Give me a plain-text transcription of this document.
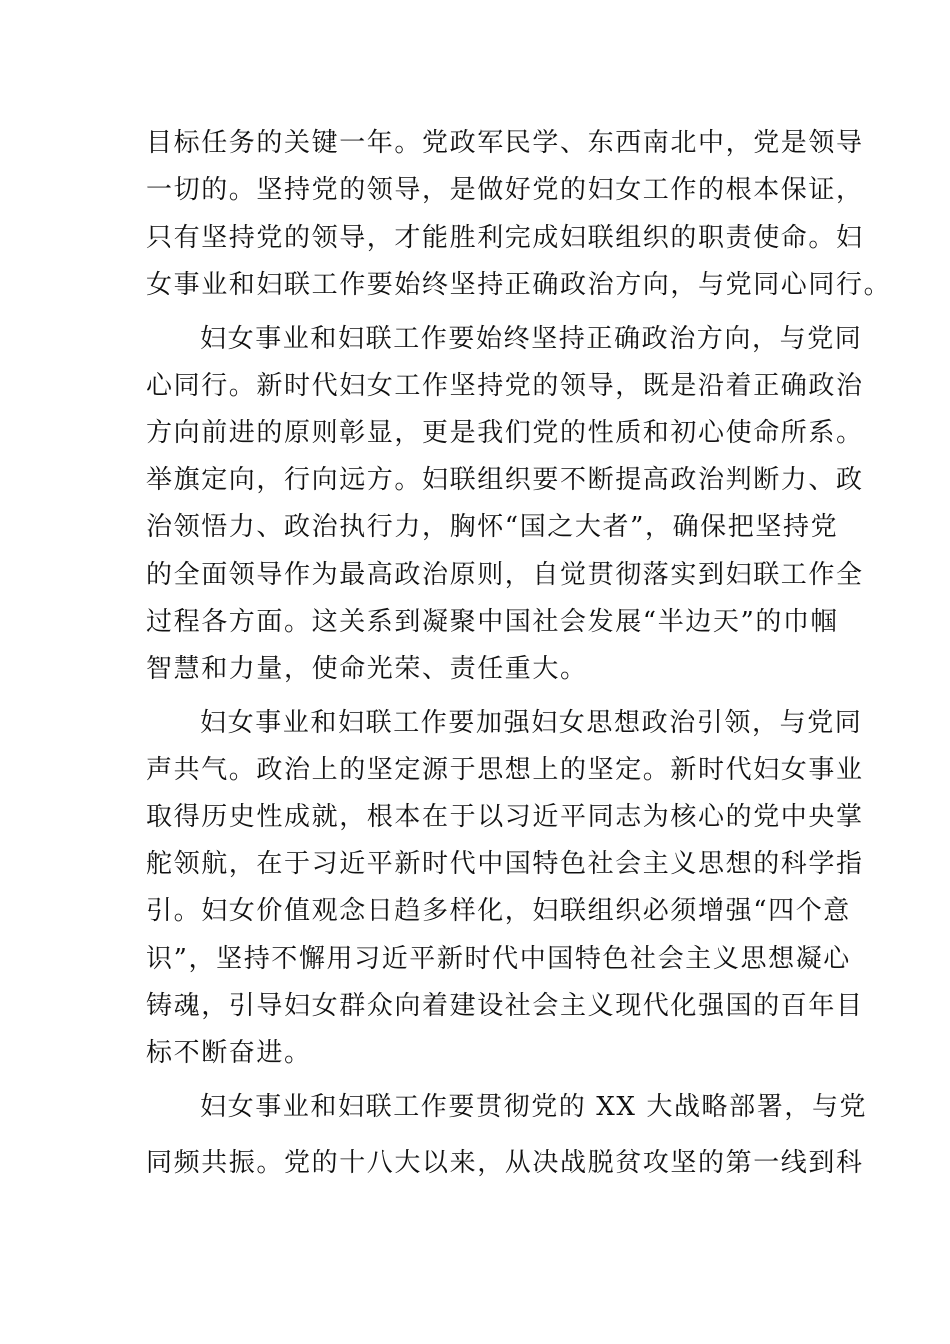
目标任务的关键一年。党政军民学、东西南北中，党是领导
一切的。坚持党的领导，是做好党的妇女工作的根本保证，
只有坚持党的领导，才能胜利完成妇联组织的职责使命。妇
女事业和妇联工作要始终坚持正确政治方向，与党同心同行。
妇女事业和妇联工作要始终坚持正确政治方向，与党同
心同行。新时代妇女工作坚持党的领导，既是沿着正确政治
方向前进的原则彰显，更是我们党的性质和初心使命所系。
举旗定向，行向远方。妇联组织要不断提高政治判断力、政
治领悟力、政治执行力，胸怀“国之大者”，确保把坚持党
的全面领导作为最高政治原则，自觉贯彻落实到妇联工作全
过程各方面。这关系到凝聚中国社会发展“半边天”的巾帼
智慧和力量，使命光荣、责任重大。
妇女事业和妇联工作要加强妇女思想政治引领，与党同
声共气。政治上的坚定源于思想上的坚定。新时代妇女事业
取得历史性成就，根本在于以习近平同志为核心的党中央掌
舵领航，在于习近平新时代中国特色社会主义思想的科学指
引。妇女价值观念日趋多样化，妇联组织必须增强“四个意
识”，坚持不懈用习近平新时代中国特色社会主义思想凝心
铸魂，引导妇女群众向着建设社会主义现代化强国的百年目
标不断奋进。
妇女事业和妇联工作要贯彻党的 XX 大战略部署，与党
同频共振。党的十八大以来，从决战脱贫攻坚的第一线到科
